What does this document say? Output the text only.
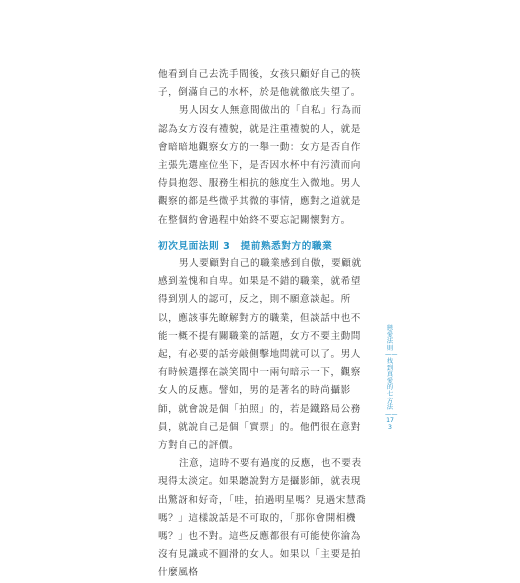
他看到自己去洗手間後，女孩只顧好自己的筷子，倒滿自己的水杯，於是他就徹底失望了。

男人因女人無意間做出的「自私」行為而認為女方沒有禮貌，就是注重禮貌的人，就是會暗暗地觀察女方的一舉一動：女方是否自作主張先選座位坐下，是否因水杯中有污漬而向侍員抱怨、服務生相抗的態度生入微地。男人觀察的都是些微乎其微的事情，應對之道就是在整個約會過程中始終不要忘記關懷對方。

初次見面法則 3　提前熟悉對方的職業

男人要顧對自己的職業感到自傲，要顧就感到羞愧和自卑。如果是不錯的職業，就希望得到別人的認可，反之，則不願意談起。所以，應該事先瞭解對方的職業，但談話中也不能一概不提有關職業的話題，女方不要主動問起，有必要的話旁敲側擊地問就可以了。男人有時候選擇在談笑間中一兩句暗示一下，觀察女人的反應。譬如，男的是著名的時尚攝影師，就會說是個「拍照」的，若是鐵路局公務員，就說自己是個「實票」的。他們很在意對方對自己的評價。

注意，這時不要有過度的反應，也不要表現得太淡定。如果聽說對方是攝影師，就表現出驚訝和好奇，「哇，拍過明星嗎？見過宋慧喬嗎？」這樣說話是不可取的，「那你會開相機嗎？」也不對。這些反應都很有可能使你淪為沒有見識或不圓滑的女人。如果以「主要是拍什麼風格

戀愛法則 ——找到真愛的七方法 —— 173
